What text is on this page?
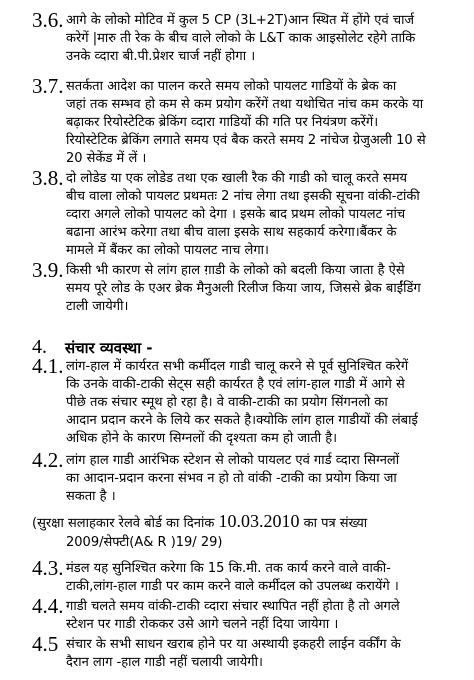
3.6. आगे के लोको मोटिव में कुल 5 CP (3L+2T)आन स्थित में होंगे एवं चार्ज
करेगें |मारु ती रेक के बीच वाले लोको के L&T काक आइसोलेट रहेगे ताकि
उनके व्दारा बी.पी.प्रेशर चार्ज नहीं होगा ।
3.7. सतर्कता आदेश का पालन करते समय लोको पायलट गाडियों के ब्रेक का
जहां तक सम्भव हो कम से कम प्रयोग करेंगें तथा यथोचित नांच कम करके या
बढ़ाकर रियोस्टेटिक ब्रेकिंग व्दारा गाडियों की गति पर नियंत्रण करेंगें।
रियोस्टेटिक ब्रेकिंग लगाते समय एवं बैक करते समय 2 नांचेज ग्रेजुअली 10 से
20 सेकेंड में लें ।
3.8. दो लोडेड या एक लोडेड तथा एक खाली रैक की गाडी को चालू करते समय
बीच वाला लोको पायलट प्रथमतः 2 नांच लेगा तथा इसकी सूचना वांकी-टांकी
व्दारा अगले लोको पायलट को देगा । इसके बाद प्रथम लोको पायलट नांच
बढाना आरंभ करेगा तथा बीच वाला इसके साथ सहकार्य करेगा।बैंकर के
मामले में बैंकर का लोको पायलट नाच लेगा।
3.9. किसी भी कारण से लांग हाल ग़ाडी के लोको को बदली किया जाता है ऐसे
समय पूरे लोड के एअर ब्रेक मैनुअली रिलीज किया जाय, जिससे ब्रेक बाईंडिंग
टाली जायेगी।
4. संचार व्यवस्था -
4.1. लांग-हाल में कार्यरत सभी कर्मीदल गाडी चालू करने से पूर्व सुनिश्चित करेगें
कि उनके वाकी-टाकी सेट्स सही कार्यरत है एवं लांग-हाल गाडी में आगे से
पीछे तक संचार स्मूथ हो रहा है। वे वाकी-टाकी का प्रयोग सिंगनलो का
आदान प्रदान करने के लिये कर सकते है।क्योकि लांग हाल गाडीयों की लंबाई
अधिक होने के कारण सिग्नलों की दृश्यता कम हो जाती है।
4.2. लांग हाल गाडी आरंभिक स्टेशन से लोको पायलट एवं गार्ड व्दारा सिग्नलों
का आदान-प्रदान करना संभव न हो तो वांकी -टाकी का प्रयोग किया जा
सकता है ।
(सुरक्षा सलाहकार रेलवे बोर्ड का दिनांक 10.03.2010 का पत्र संख्या
2009/सेफ्टी(A& R )19/ 29)
4.3. मंडल यह सुनिश्चित करेगा कि 15 कि.मी. तक कार्य करने वाले वाकी-
टाकी,लांग-हाल गाडी पर काम करने वाले कर्मीदल को उपलब्ध करायेंगे ।
4.4. गाडी चलते समय वांकी-टाकी व्दारा संचार स्थापित नहीं होता है तो अगले
स्टेशन पर गाडी रोककर उसे आगे चलने नहीं दिया जायेगा ।
4.5 संचार के सभी साधन खराब होने पर या अस्थायी इकहरी लाईन वर्कींग के
दैरान लाग -हाल गाडी नहीं चलायी जायेगी।
